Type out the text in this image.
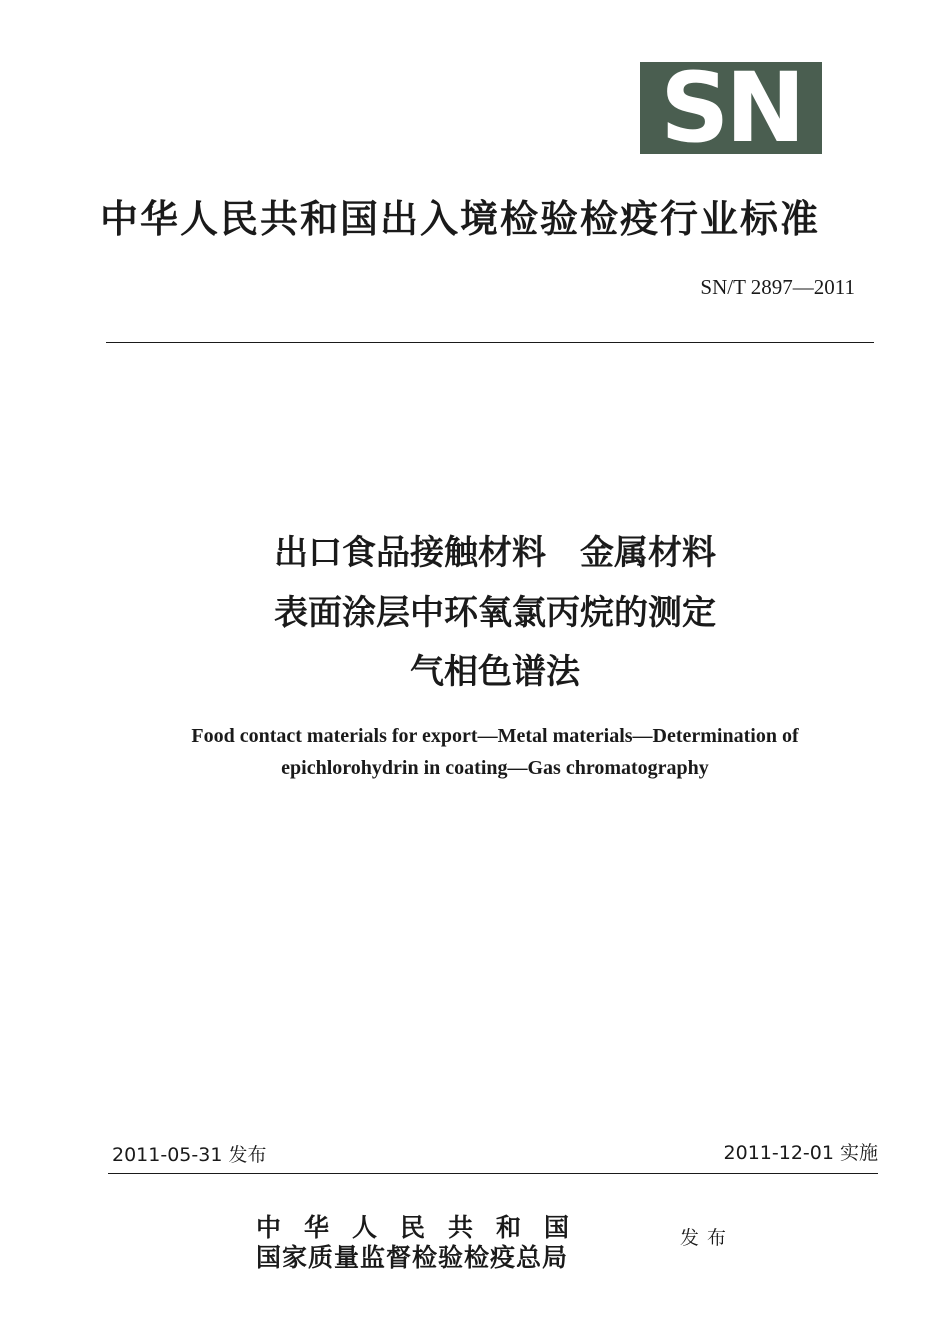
SN
中华人民共和国出入境检验检疫行业标准
SN/T 2897—2011
出口食品接触材料　金属材料
表面涂层中环氧氯丙烷的测定
气相色谱法
Food contact materials for export—Metal materials—Determination of
epichlorohydrin in coating—Gas chromatography
2011-05-31 发布	2011-12-01 实施
中华人民共和国
国家质量监督检验检疫总局
发布
